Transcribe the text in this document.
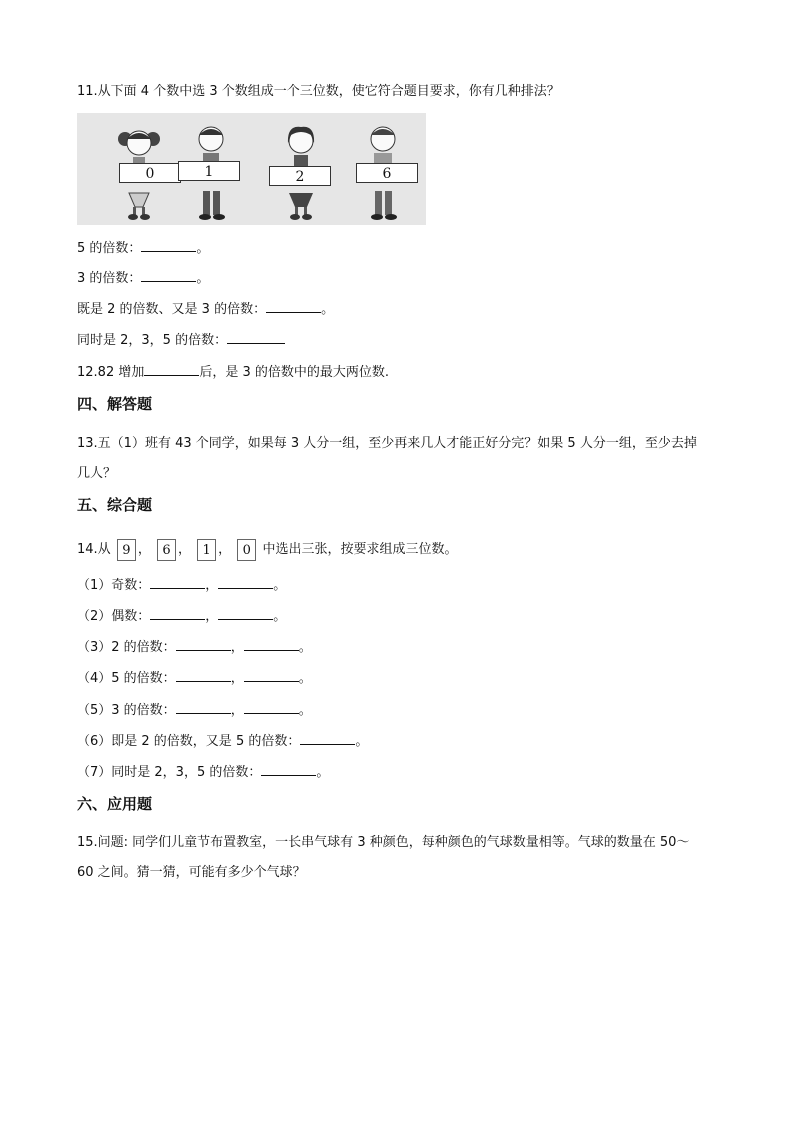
11.从下面 4 个数中选 3 个数组成一个三位数，使它符合题目要求，你有几种排法？
0	1	2	6
5 的倍数：	。
3 的倍数：	。
既是 2 的倍数、又是 3 的倍数：	。
同时是 2，3，5 的倍数：
12.82 增加	后，是 3 的倍数中的最大两位数.
四、解答题
13.五（1）班有 43 个同学，如果每 3 人分一组，至少再来几人才能正好分完？如果 5 人分一组，至少去掉
几人？
五、综合题
14.从 9 ， 6 ， 1 ， 0 中选出三张，按要求组成三位数。
（1）奇数：	，	。
（2）偶数：	，	。
（3）2 的倍数：	，	。
（4）5 的倍数：	，	。
（5）3 的倍数：	，	。
（6）即是 2 的倍数，又是 5 的倍数：	。
（7）同时是 2，3，5 的倍数：	。
六、应用题
15.问题: 同学们儿童节布置教室，一长串气球有 3 种颜色，每种颜色的气球数量相等。气球的数量在 50～
60 之间。猜一猜，可能有多少个气球？
